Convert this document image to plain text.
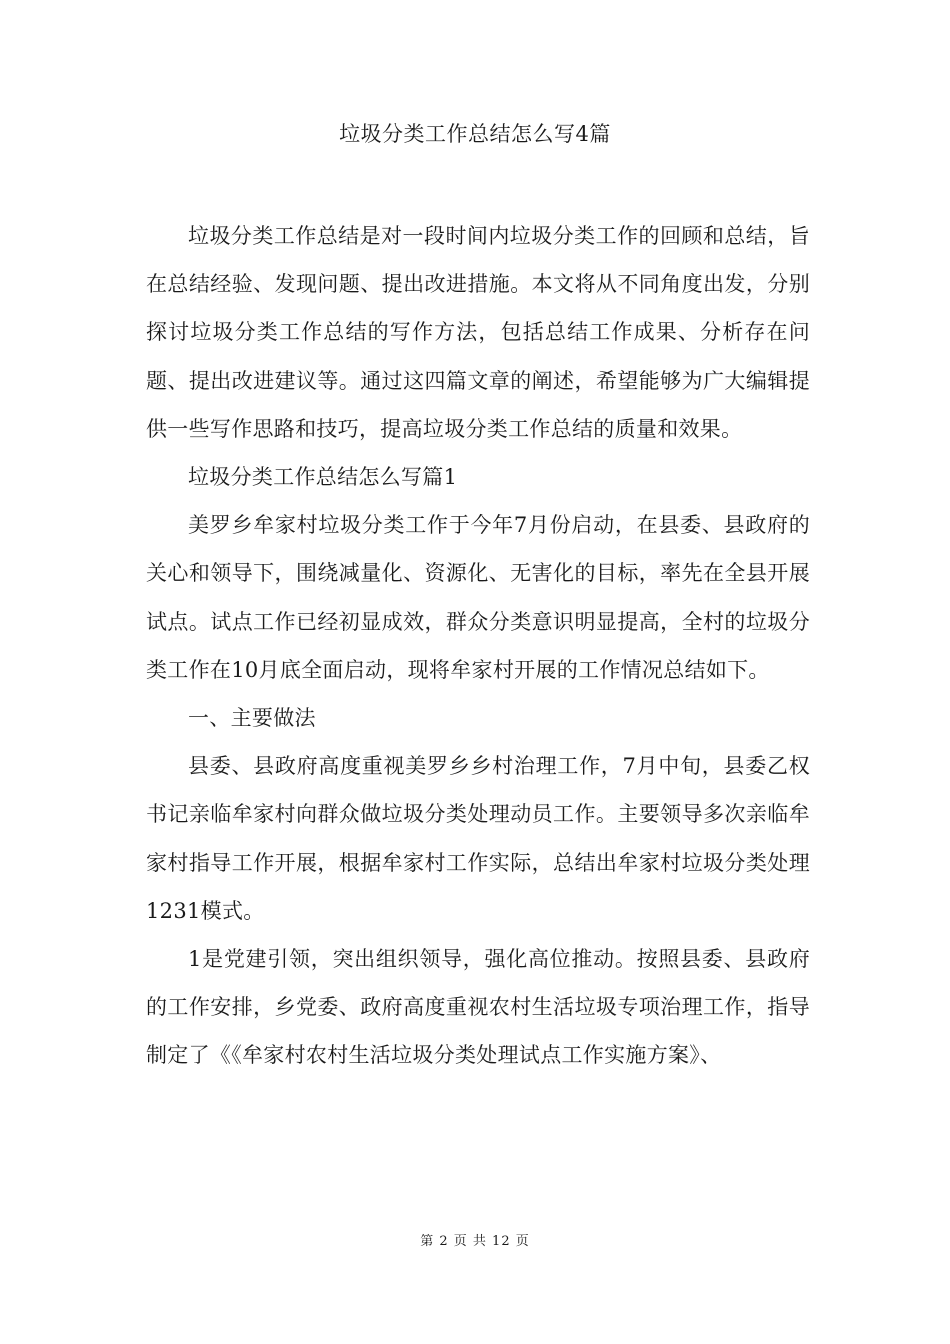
垃圾分类工作总结怎么写4篇

垃圾分类工作总结是对一段时间内垃圾分类工作的回顾和总结，旨在总结经验、发现问题、提出改进措施。本文将从不同角度出发，分别探讨垃圾分类工作总结的写作方法，包括总结工作成果、分析存在问题、提出改进建议等。通过这四篇文章的阐述，希望能够为广大编辑提供一些写作思路和技巧，提高垃圾分类工作总结的质量和效果。

垃圾分类工作总结怎么写篇1

美罗乡牟家村垃圾分类工作于今年7月份启动，在县委、县政府的关心和领导下，围绕减量化、资源化、无害化的目标，率先在全县开展试点。试点工作已经初显成效，群众分类意识明显提高，全村的垃圾分类工作在10月底全面启动，现将牟家村开展的工作情况总结如下。

一、主要做法

县委、县政府高度重视美罗乡乡村治理工作，7月中旬，县委乙权书记亲临牟家村向群众做垃圾分类处理动员工作。主要领导多次亲临牟家村指导工作开展，根据牟家村工作实际，总结出牟家村垃圾分类处理1231模式。

1是党建引领，突出组织领导，强化高位推动。按照县委、县政府的工作安排，乡党委、政府高度重视农村生活垃圾专项治理工作，指导制定了《《牟家村农村生活垃圾分类处理试点工作实施方案》、

第 2 页 共 12 页
